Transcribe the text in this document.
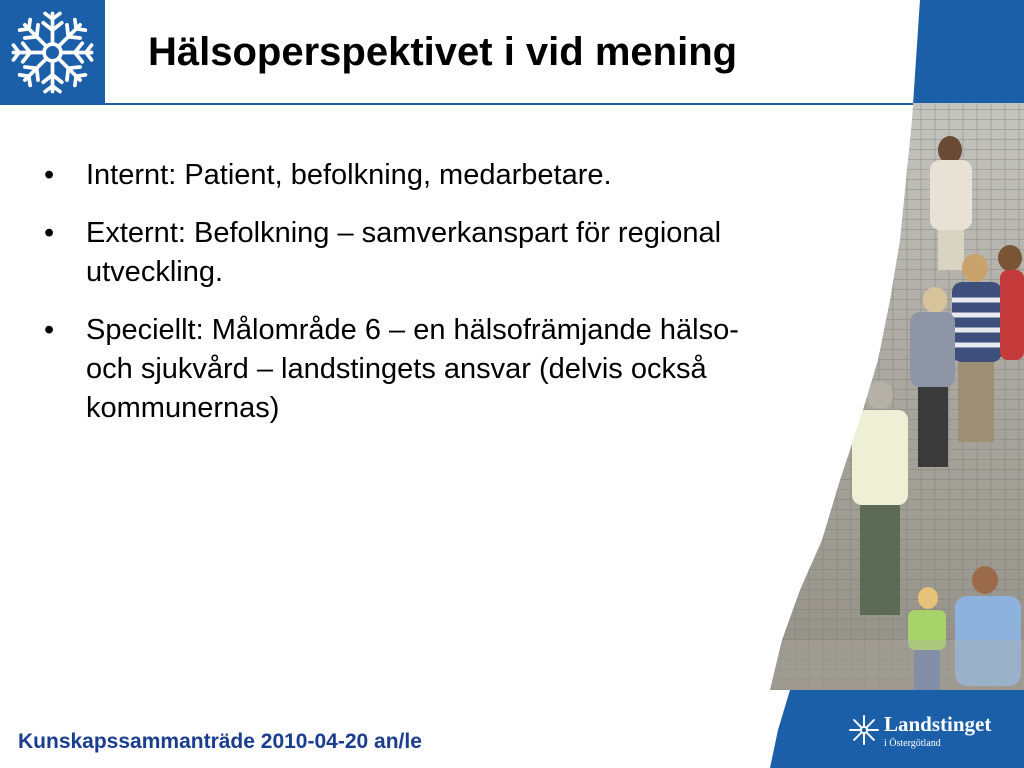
Hälsoperspektivet i vid mening
• Internt: Patient, befolkning, medarbetare.
• Externt: Befolkning – samverkanspart för regional utveckling.
• Speciellt: Målområde 6 – en hälsofrämjande hälso- och sjukvård – landstingets ansvar (delvis också kommunernas)
Kunskapssammanträde 2010-04-20 an/le
Landstinget
i Östergötland
